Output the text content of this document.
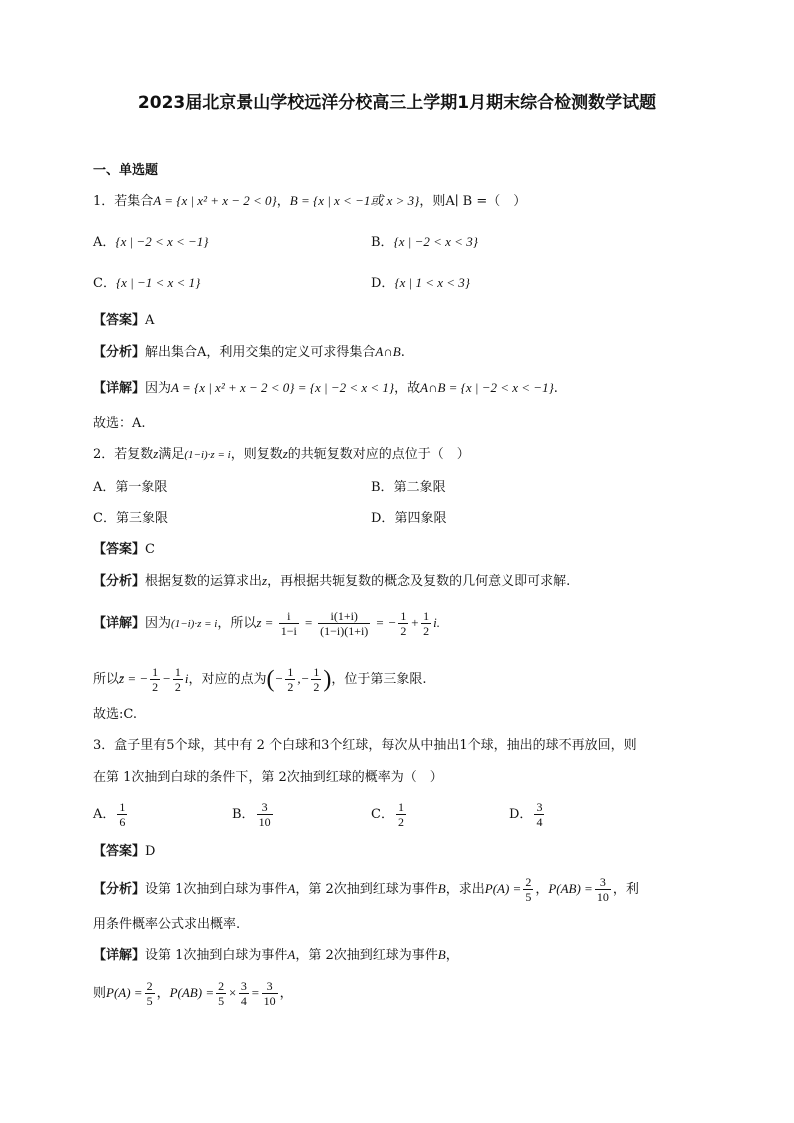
2023届北京景山学校远洋分校高三上学期1月期末综合检测数学试题
一、单选题
1．若集合A = {x | x² + x − 2 < 0}，B = {x | x < −1或 x > 3}，则A∣ B =（　）
A．{x | −2 < x < −1}	B．{x | −2 < x < 3}
C．{x | −1 < x < 1}	D．{x | 1 < x < 3}
【答案】A
【分析】解出集合A，利用交集的定义可求得集合A∩B.
【详解】因为A = {x | x² + x − 2 < 0} = {x | −2 < x < 1}，故A∩B = {x | −2 < x < −1}.
故选：A.
2．若复数z满足(1−i)·z = i，则复数z的共轭复数对应的点位于（　）
A．第一象限	B．第二象限
C．第三象限	D．第四象限
【答案】C
【分析】根据复数的运算求出z，再根据共轭复数的概念及复数的几何意义即可求解.
【详解】因为(1−i)·z = i，所以$z = \frac{i}{1-i} = \frac{i(1+i)}{(1-i)(1+i)}$ = − $\frac{1}{2} + \frac{1}{2} i$.
所以z̄ = − $\frac{1}{2} - \frac{1}{2}$ i，对应的点为(− $\frac{1}{2}$ ,− $\frac{1}{2}$ )，位于第三象限.
故选:C.
3．盒子里有5个球，其中有 2 个白球和3个红球，每次从中抽出1个球，抽出的球不再放回，则
在第 1次抽到白球的条件下，第 2次抽到红球的概率为（　）
A． $\frac{1}{6}$	B． $\frac{3}{10}$	C． $\frac{1}{2}$	D． $\frac{3}{4}$
【答案】D
【分析】设第 1次抽到白球为事件A，第 2次抽到红球为事件B，求出$P(A) = \frac{2}{5}$ ，$P(AB) = \frac{3}{10}$ ，利
用条件概率公式求出概率.
【详解】设第 1次抽到白球为事件A，第 2次抽到红球为事件B，
则$P(A) = \frac{2}{5}$ ，$P(AB) = \frac{2}{5} \times \frac{3}{4} = \frac{3}{10}$ ，
